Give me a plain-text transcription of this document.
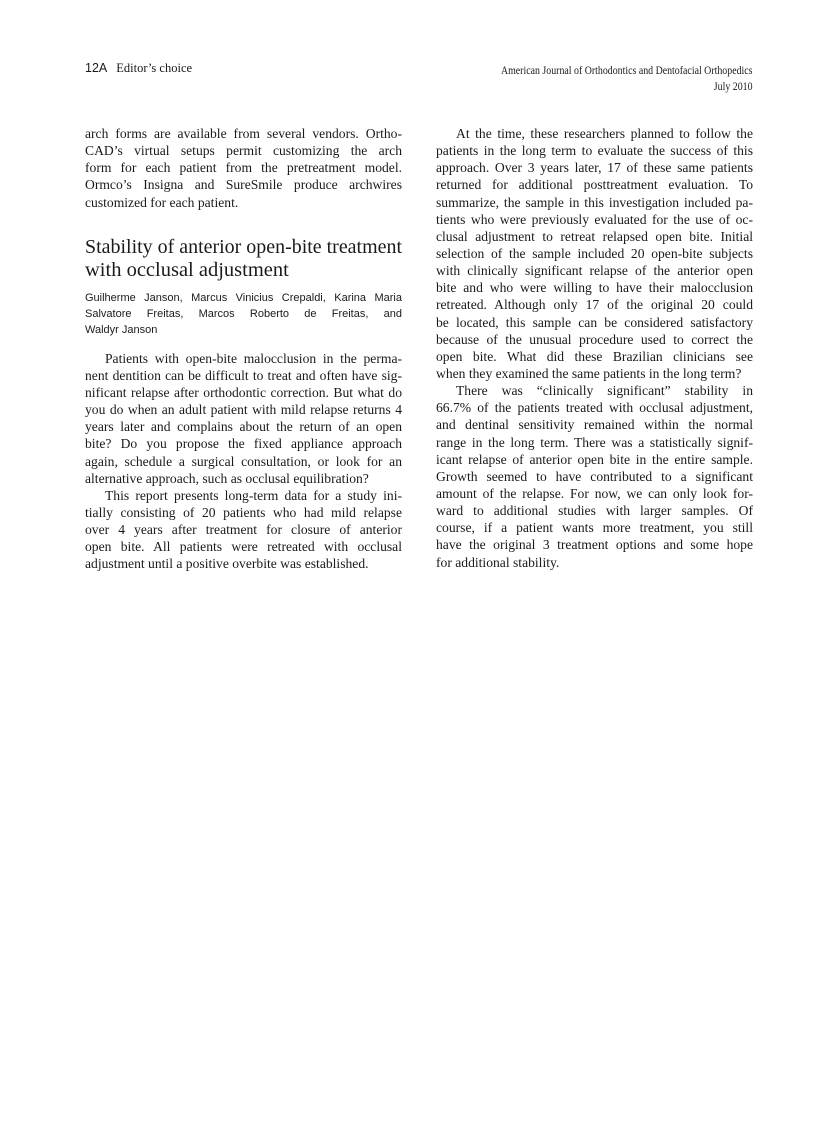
12A Editor’s choice	American Journal of Orthodontics and Dentofacial Orthopedics
July 2010
arch forms are available from several vendors. Ortho-
CAD’s virtual setups permit customizing the arch
form for each patient from the pretreatment model.
Ormco’s Insigna and SureSmile produce archwires
customized for each patient.
Stability of anterior open-bite treatment
with occlusal adjustment
Guilherme Janson, Marcus Vinicius Crepaldi, Karina Maria
Salvatore Freitas, Marcos Roberto de Freitas, and
Waldyr Janson
Patients with open-bite malocclusion in the perma-
nent dentition can be difficult to treat and often have sig-
nificant relapse after orthodontic correction. But what do
you do when an adult patient with mild relapse returns 4
years later and complains about the return of an open
bite? Do you propose the fixed appliance approach
again, schedule a surgical consultation, or look for an
alternative approach, such as occlusal equilibration?
This report presents long-term data for a study ini-
tially consisting of 20 patients who had mild relapse
over 4 years after treatment for closure of anterior
open bite. All patients were retreated with occlusal
adjustment until a positive overbite was established.
At the time, these researchers planned to follow the
patients in the long term to evaluate the success of this
approach. Over 3 years later, 17 of these same patients
returned for additional posttreatment evaluation. To
summarize, the sample in this investigation included pa-
tients who were previously evaluated for the use of oc-
clusal adjustment to retreat relapsed open bite. Initial
selection of the sample included 20 open-bite subjects
with clinically significant relapse of the anterior open
bite and who were willing to have their malocclusion
retreated. Although only 17 of the original 20 could
be located, this sample can be considered satisfactory
because of the unusual procedure used to correct the
open bite. What did these Brazilian clinicians see
when they examined the same patients in the long term?
There was “clinically significant” stability in
66.7% of the patients treated with occlusal adjustment,
and dentinal sensitivity remained within the normal
range in the long term. There was a statistically signif-
icant relapse of anterior open bite in the entire sample.
Growth seemed to have contributed to a significant
amount of the relapse. For now, we can only look for-
ward to additional studies with larger samples. Of
course, if a patient wants more treatment, you still
have the original 3 treatment options and some hope
for additional stability.
